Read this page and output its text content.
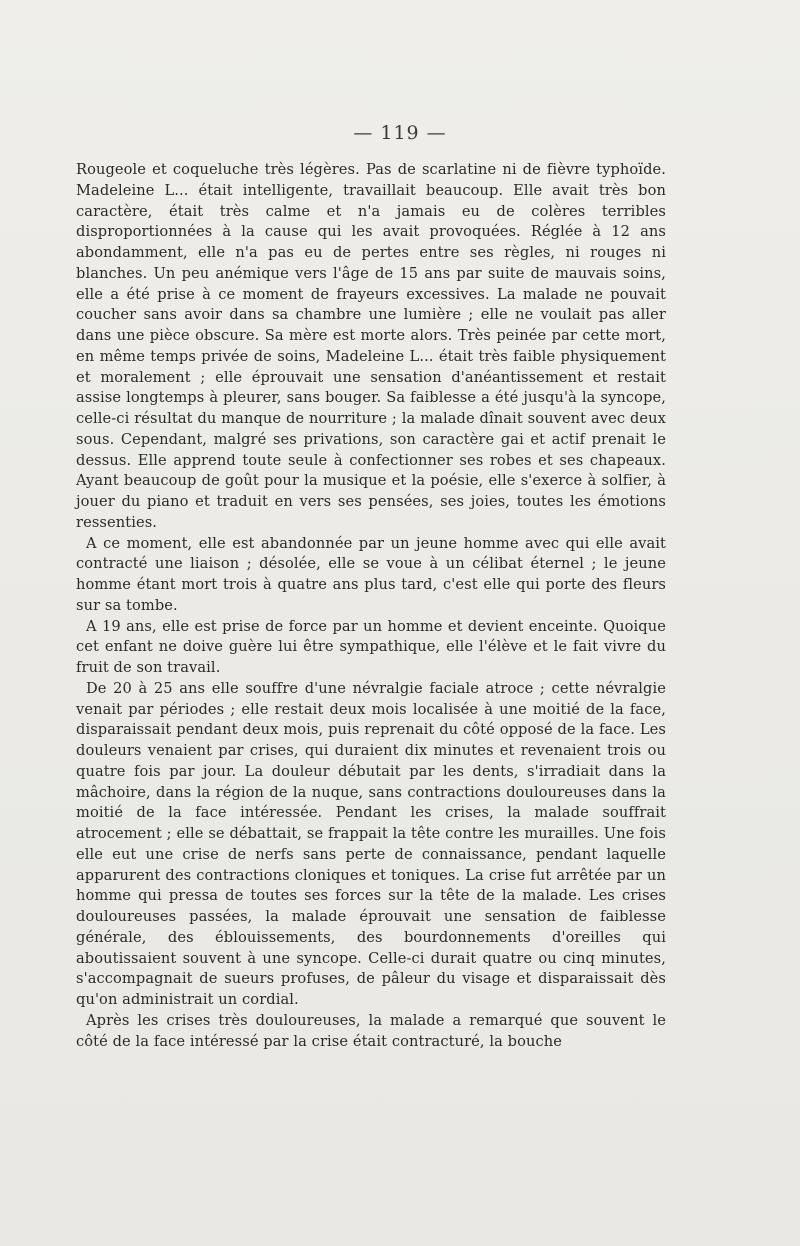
— 119 —

Rougeole et coqueluche très légères. Pas de scarlatine ni de fièvre typhoïde. Madeleine L... était intelligente, travaillait beaucoup. Elle avait très bon caractère, était très calme et n'a jamais eu de colères terribles disproportionnées à la cause qui les avait provoquées. Réglée à 12 ans abondamment, elle n'a pas eu de pertes entre ses règles, ni rouges ni blanches. Un peu anémique vers l'âge de 15 ans par suite de mauvais soins, elle a été prise à ce moment de frayeurs excessives. La malade ne pouvait coucher sans avoir dans sa chambre une lumière ; elle ne voulait pas aller dans une pièce obscure. Sa mère est morte alors. Très peinée par cette mort, en même temps privée de soins, Madeleine L... était très faible physiquement et moralement ; elle éprouvait une sensation d'anéantissement et restait assise longtemps à pleurer, sans bouger. Sa faiblesse a été jusqu'à la syncope, celle-ci résultat du manque de nourriture ; la malade dînait souvent avec deux sous. Cependant, malgré ses privations, son caractère gai et actif prenait le dessus. Elle apprend toute seule à confectionner ses robes et ses chapeaux. Ayant beaucoup de goût pour la musique et la poésie, elle s'exerce à solfier, à jouer du piano et traduit en vers ses pensées, ses joies, toutes les émotions ressenties.

A ce moment, elle est abandonnée par un jeune homme avec qui elle avait contracté une liaison ; désolée, elle se voue à un célibat éternel ; le jeune homme étant mort trois à quatre ans plus tard, c'est elle qui porte des fleurs sur sa tombe.

A 19 ans, elle est prise de force par un homme et devient enceinte. Quoique cet enfant ne doive guère lui être sympathique, elle l'élève et le fait vivre du fruit de son travail.

De 20 à 25 ans elle souffre d'une névralgie faciale atroce ; cette névralgie venait par périodes ; elle restait deux mois localisée à une moitié de la face, disparaissait pendant deux mois, puis reprenait du côté opposé de la face. Les douleurs venaient par crises, qui duraient dix minutes et revenaient trois ou quatre fois par jour. La douleur débutait par les dents, s'irradiait dans la mâchoire, dans la région de la nuque, sans contractions douloureuses dans la moitié de la face intéressée. Pendant les crises, la malade souffrait atrocement ; elle se débattait, se frappait la tête contre les murailles. Une fois elle eut une crise de nerfs sans perte de connaissance, pendant laquelle apparurent des contractions cloniques et toniques. La crise fut arrêtée par un homme qui pressa de toutes ses forces sur la tête de la malade. Les crises douloureuses passées, la malade éprouvait une sensation de faiblesse générale, des éblouissements, des bourdonnements d'oreilles qui aboutissaient souvent à une syncope. Celle-ci durait quatre ou cinq minutes, s'accompagnait de sueurs profuses, de pâleur du visage et disparaissait dès qu'on administrait un cordial.

Après les crises très douloureuses, la malade a remarqué que souvent le côté de la face intéressé par la crise était contracturé, la bouche
